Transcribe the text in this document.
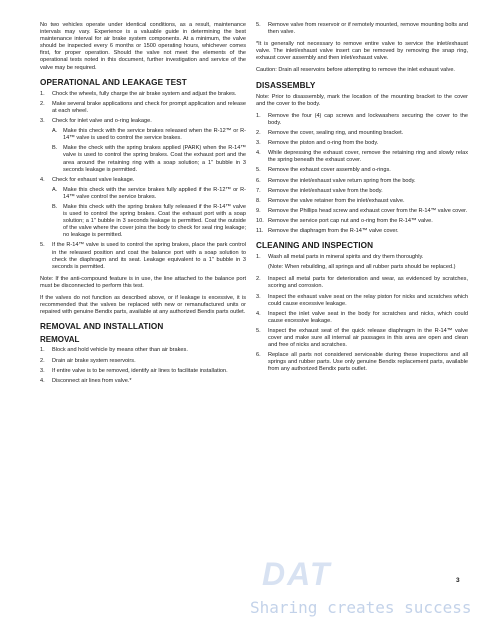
No two vehicles operate under identical conditions, as a result, maintenance intervals may vary. Experience is a valuable guide in determining the best maintenance interval for air brake system components. At a minimum, the valve should be inspected every 6 months or 1500 operating hours, whichever comes first, for proper operation. Should the valve not meet the elements of the operational tests noted in this document, further investigation and service of the valve may be required.

OPERATIONAL AND LEAKAGE TEST
1.	Chock the wheels, fully charge the air brake system and adjust the brakes.
2.	Make several brake applications and check for prompt application and release at each wheel.
3.	Check for inlet valve and o-ring leakage.
A.	Make this check with the service brakes released when the R-12™ or R-14™ valve is used to control the service brakes.
B.	Make the check with the spring brakes applied (PARK) when the R-14™ valve is used to control the spring brakes. Coat the exhaust port and the area around the retaining ring with a soap solution; a 1" bubble in 3 seconds leakage is permitted.
4.	Check for exhaust valve leakage.
A.	Make this check with the service brakes fully applied if the R-12™ or R-14™ valve control the service brakes.
B.	Make this check with the spring brakes fully released if the R-14™ valve is used to control the spring brakes. Coat the exhaust port with a soap solution; a 1" bubble in 3 seconds leakage is permitted. Coat the outside of the valve where the cover joins the body to check for seal ring leakage; no leakage is permitted.
5.	If the R-14™ valve is used to control the spring brakes, place the park control in the released position and coat the balance port with a soap solution to check the diaphragm and its seat. Leakage equivalent to a 1" bubble in 3 seconds is permitted.

Note: If the anti-compound feature is in use, the line attached to the balance port must be disconnected to perform this test.

If the valves do not function as described above, or if leakage is excessive, it is recommended that the valves be replaced with new or remanufactured units or repaired with genuine Bendix parts, available at any authorized Bendix parts outlet.

REMOVAL AND INSTALLATION
REMOVAL
1.	Block and hold vehicle by means other than air brakes.
2.	Drain air brake system reservoirs.
3.	If entire valve is to be removed, identify air lines to facilitate installation.
4.	Disconnect air lines from valve.*
5.	Remove valve from reservoir or if remotely mounted, remove mounting bolts and then valve.

*It is generally not necessary to remove entire valve to service the inlet/exhaust valve. The inlet/exhaust valve insert can be removed by removing the snap ring, exhaust cover assembly and then inlet/exhaust valve.

Caution: Drain all reservoirs before attempting to remove the inlet exhaust valve.

DISASSEMBLY

Note: Prior to disassembly, mark the location of the mounting bracket to the cover and the cover to the body.

1.	Remove the four (4) cap screws and lockwashers securing the cover to the body.
2.	Remove the cover, sealing ring, and mounting bracket.
3.	Remove the piston and o-ring from the body.
4.	While depressing the exhaust cover, remove the retaining ring and slowly relax the spring beneath the exhaust cover.
5.	Remove the exhaust cover assembly and o-rings.
6.	Remove the inlet/exhaust valve return spring from the body.
7.	Remove the inlet/exhaust valve from the body.
8.	Remove the valve retainer from the inlet/exhaust valve.
9.	Remove the Phillips head screw and exhaust cover from the R-14™ valve cover.
10. Remove the service port cap nut and o-ring from the R-14™ valve.
11. Remove the diaphragm from the R-14™ valve cover.
CLEANING AND INSPECTION
1.	Wash all metal parts in mineral spirits and dry them thoroughly.

(Note: When rebuilding, all springs and all rubber parts should be replaced.)

2.	Inspect all metal parts for deterioration and wear, as evidenced by scratches, scoring and corrosion.
3.	Inspect the exhaust valve seat on the relay piston for nicks and scratches which could cause excessive leakage.
4.	Inspect the inlet valve seat in the body for scratches and nicks, which could cause excessive leakage.
5.	Inspect the exhaust seat of the quick release diaphragm in the R-14™ valve cover and make sure all internal air passages in this area are open and clean and free of nicks and scratches.
6.	Replace all parts not considered serviceable during these inspections and all springs and rubber parts. Use only genuine Bendix replacement parts, available from any authorized Bendix parts outlet.
DAT
Sharing creates success
3
